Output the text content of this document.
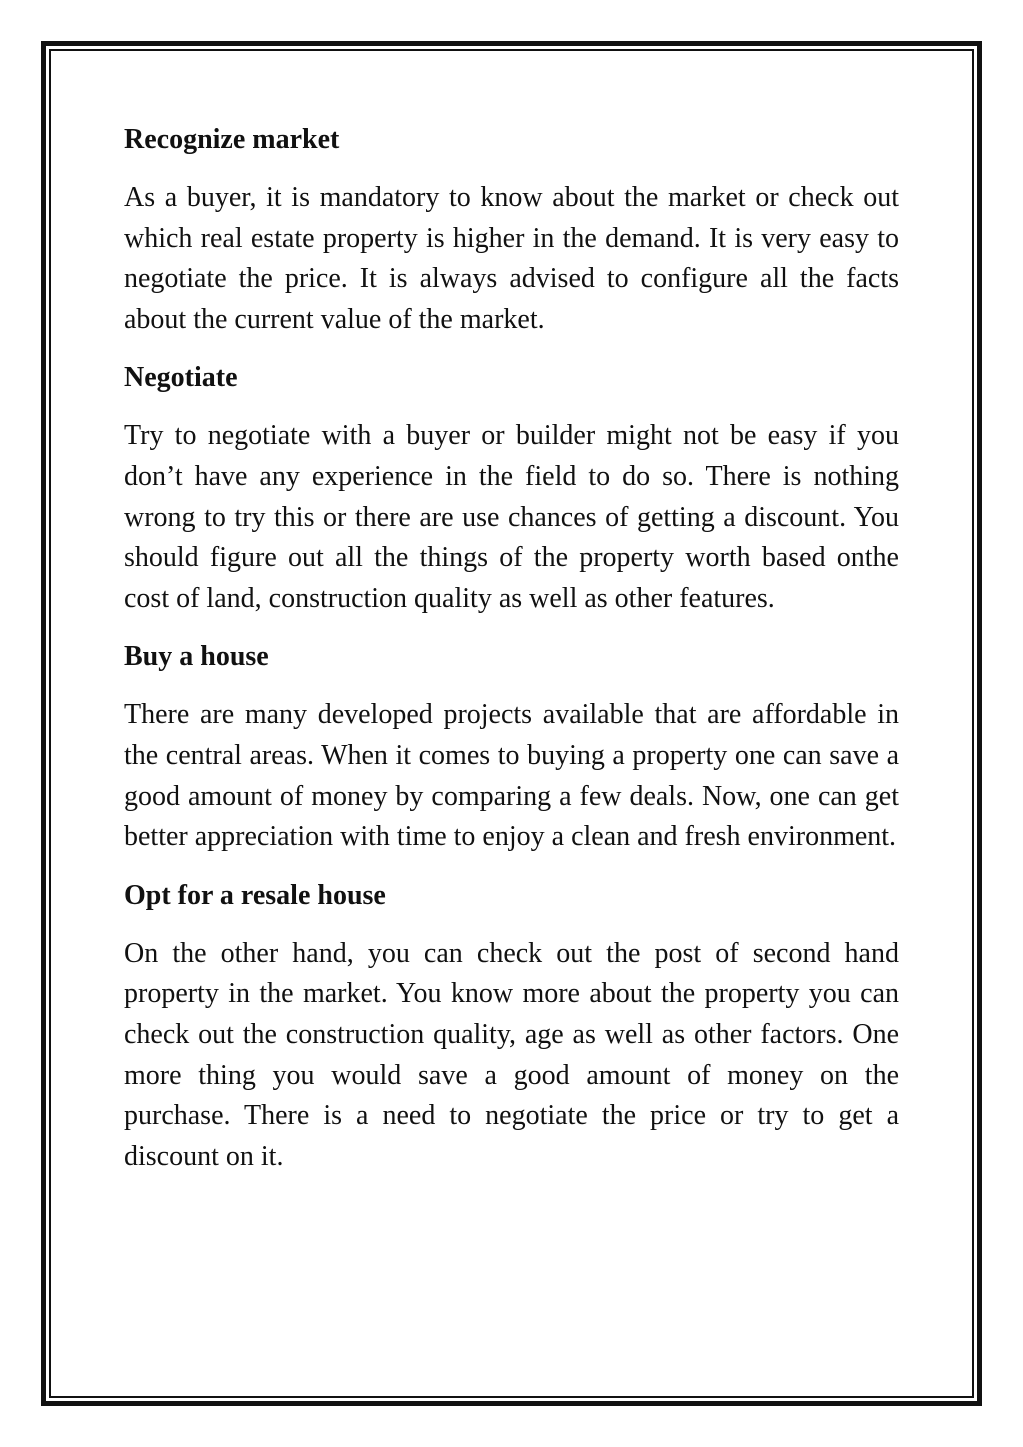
Recognize market

As a buyer, it is mandatory to know about the market or check out which real estate property is higher in the demand. It is very easy to negotiate the price. It is always advised to configure all the facts about the current value of the market.

Negotiate

Try to negotiate with a buyer or builder might not be easy if you don’t have any experience in the field to do so. There is nothing wrong to try this or there are use chances of getting a discount. You should figure out all the things of the property worth based onthe cost of land, construction quality as well as other features.

Buy a house

There are many developed projects available that are affordable in the central areas. When it comes to buying a property one can save a good amount of money by comparing a few deals. Now, one can get better appreciation with time to enjoy a clean and fresh environment.

Opt for a resale house

On the other hand, you can check out the post of second hand property in the market. You know more about the property you can check out the construction quality, age as well as other factors. One more thing you would save a good amount of money on the purchase. There is a need to negotiate the price or try to get a discount on it.
